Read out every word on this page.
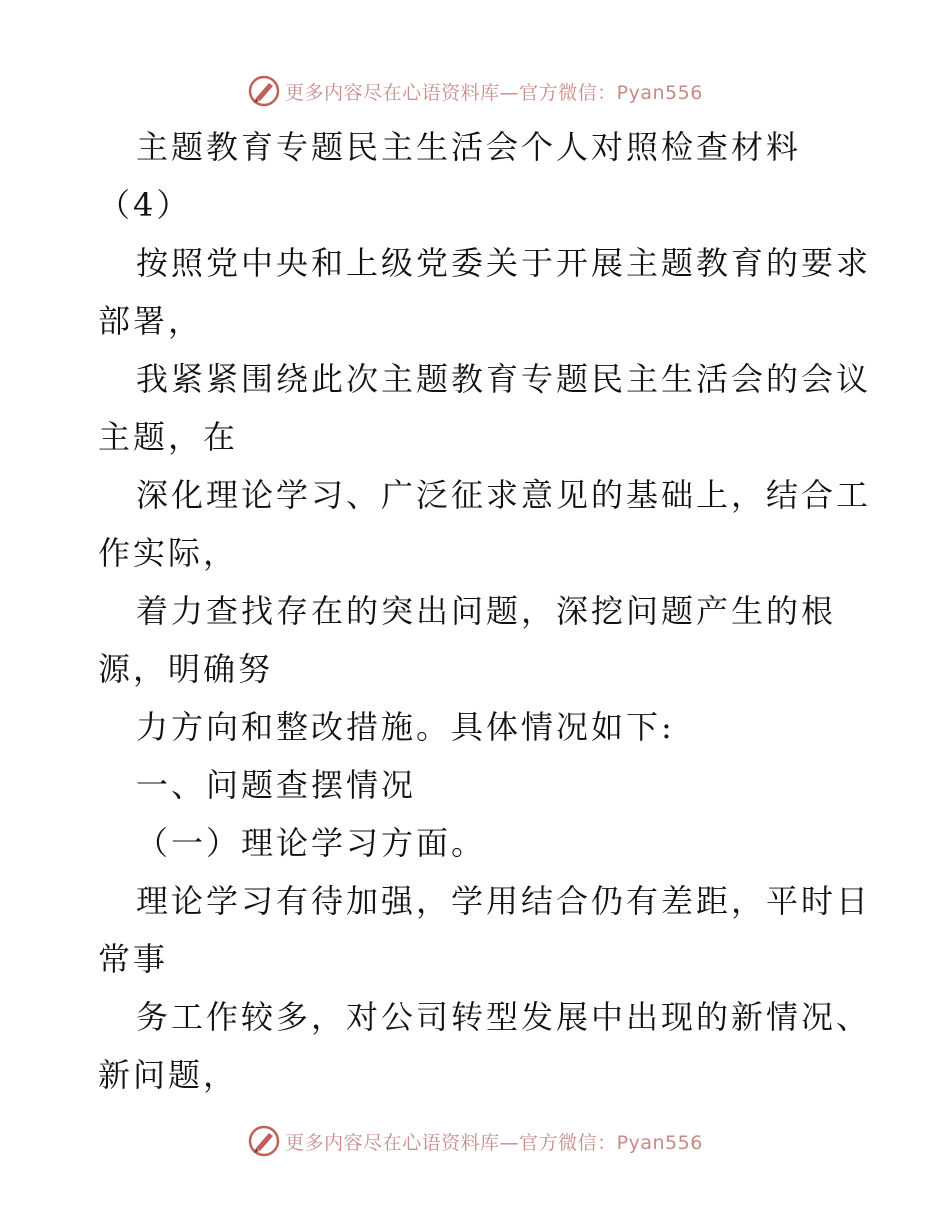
更多内容尽在心语资料库—官方微信：Pyan556
主题教育专题民主生活会个人对照检查材料
（4）
按照党中央和上级党委关于开展主题教育的要求
部署，
我紧紧围绕此次主题教育专题民主生活会的会议
主题，在
深化理论学习、广泛征求意见的基础上，结合工
作实际，
着力查找存在的突出问题，深挖问题产生的根
源，明确努
力方向和整改措施。具体情况如下:
一、问题查摆情况
（一）理论学习方面。
理论学习有待加强，学用结合仍有差距，平时日
常事
务工作较多，对公司转型发展中出现的新情况、
新问题，
更多内容尽在心语资料库—官方微信：Pyan556
